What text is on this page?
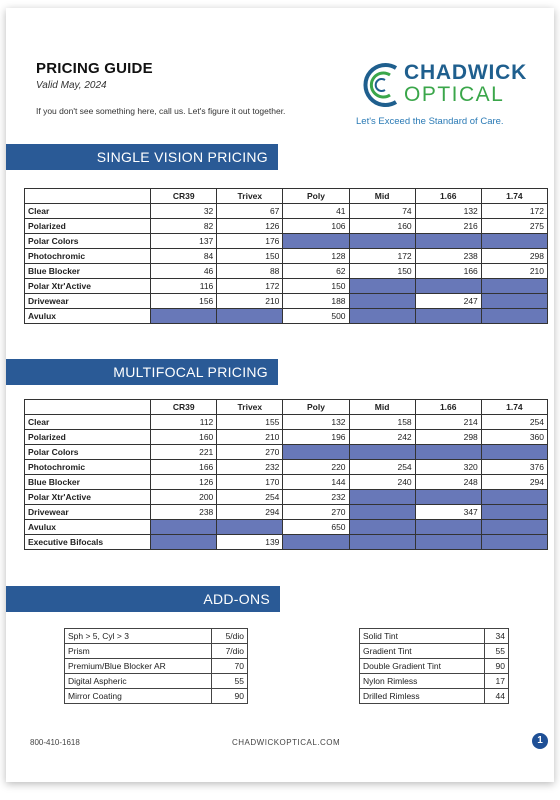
PRICING GUIDE
Valid May, 2024
If you don't see something here, call us. Let's figure it out together.
CHADWICK
OPTICAL
Let's Exceed the Standard of Care.
SINGLE VISION PRICING
	CR39	Trivex	Poly	Mid	1.66	1.74
Clear	32	67	41	74	132	172
Polarized	82	126	106	160	216	275
Polar Colors	137	176				
Photochromic	84	150	128	172	238	298
Blue Blocker	46	88	62	150	166	210
Polar Xtr'Active	116	172	150			
Drivewear	156	210	188		247	
Avulux			500			
MULTIFOCAL PRICING
	CR39	Trivex	Poly	Mid	1.66	1.74
Clear	112	155	132	158	214	254
Polarized	160	210	196	242	298	360
Polar Colors	221	270				
Photochromic	166	232	220	254	320	376
Blue Blocker	126	170	144	240	248	294
Polar Xtr'Active	200	254	232			
Drivewear	238	294	270		347	
Avulux			650			
Executive Bifocals		139				
ADD-ONS
Sph > 5, Cyl > 3	5/dio
Prism	7/dio
Premium/Blue Blocker AR	70
Digital Aspheric	55
Mirror Coating	90
Solid Tint	34
Gradient Tint	55
Double Gradient Tint	90
Nylon Rimless	17
Drilled Rimless	44
800-410-1618	CHADWICKOPTICAL.COM	1
